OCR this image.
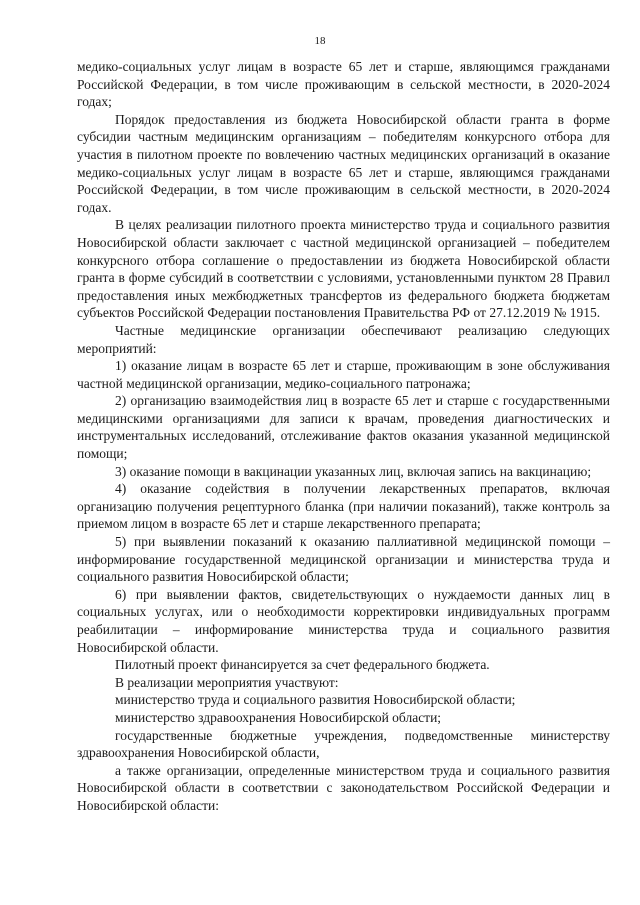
18

медико-социальных услуг лицам в возрасте 65 лет и старше, являющимся гражданами Российской Федерации, в том числе проживающим в сельской местности, в 2020-2024 годах;

Порядок предоставления из бюджета Новосибирской области гранта в форме субсидии частным медицинским организациям – победителям конкурсного отбора для участия в пилотном проекте по вовлечению частных медицинских организаций в оказание медико-социальных услуг лицам в возрасте 65 лет и старше, являющимся гражданами Российской Федерации, в том числе проживающим в сельской местности, в 2020-2024 годах.

В целях реализации пилотного проекта министерство труда и социального развития Новосибирской области заключает с частной медицинской организацией – победителем конкурсного отбора соглашение о предоставлении из бюджета Новосибирской области гранта в форме субсидий в соответствии с условиями, установленными пунктом 28 Правил предоставления иных межбюджетных трансфертов из федерального бюджета бюджетам субъектов Российской Федерации постановления Правительства РФ от 27.12.2019 № 1915.

Частные медицинские организации обеспечивают реализацию следующих мероприятий:

1) оказание лицам в возрасте 65 лет и старше, проживающим в зоне обслуживания частной медицинской организации, медико-социального патронажа;

2) организацию взаимодействия лиц в возрасте 65 лет и старше с государственными медицинскими организациями для записи к врачам, проведения диагностических и инструментальных исследований, отслеживание фактов оказания указанной медицинской помощи;

3) оказание помощи в вакцинации указанных лиц, включая запись на вакцинацию;

4) оказание содействия в получении лекарственных препаратов, включая организацию получения рецептурного бланка (при наличии показаний), также контроль за приемом лицом в возрасте 65 лет и старше лекарственного препарата;

5) при выявлении показаний к оказанию паллиативной медицинской помощи – информирование государственной медицинской организации и министерства труда и социального развития Новосибирской области;

6) при выявлении фактов, свидетельствующих о нуждаемости данных лиц в социальных услугах, или о необходимости корректировки индивидуальных программ реабилитации – информирование министерства труда и социального развития Новосибирской области.

Пилотный проект финансируется за счет федерального бюджета.

В реализации мероприятия участвуют:

министерство труда и социального развития Новосибирской области;

министерство здравоохранения Новосибирской области;

государственные бюджетные учреждения, подведомственные министерству здравоохранения Новосибирской области,

а также организации, определенные министерством труда и социального развития Новосибирской области в соответствии с законодательством Российской Федерации и Новосибирской области:
